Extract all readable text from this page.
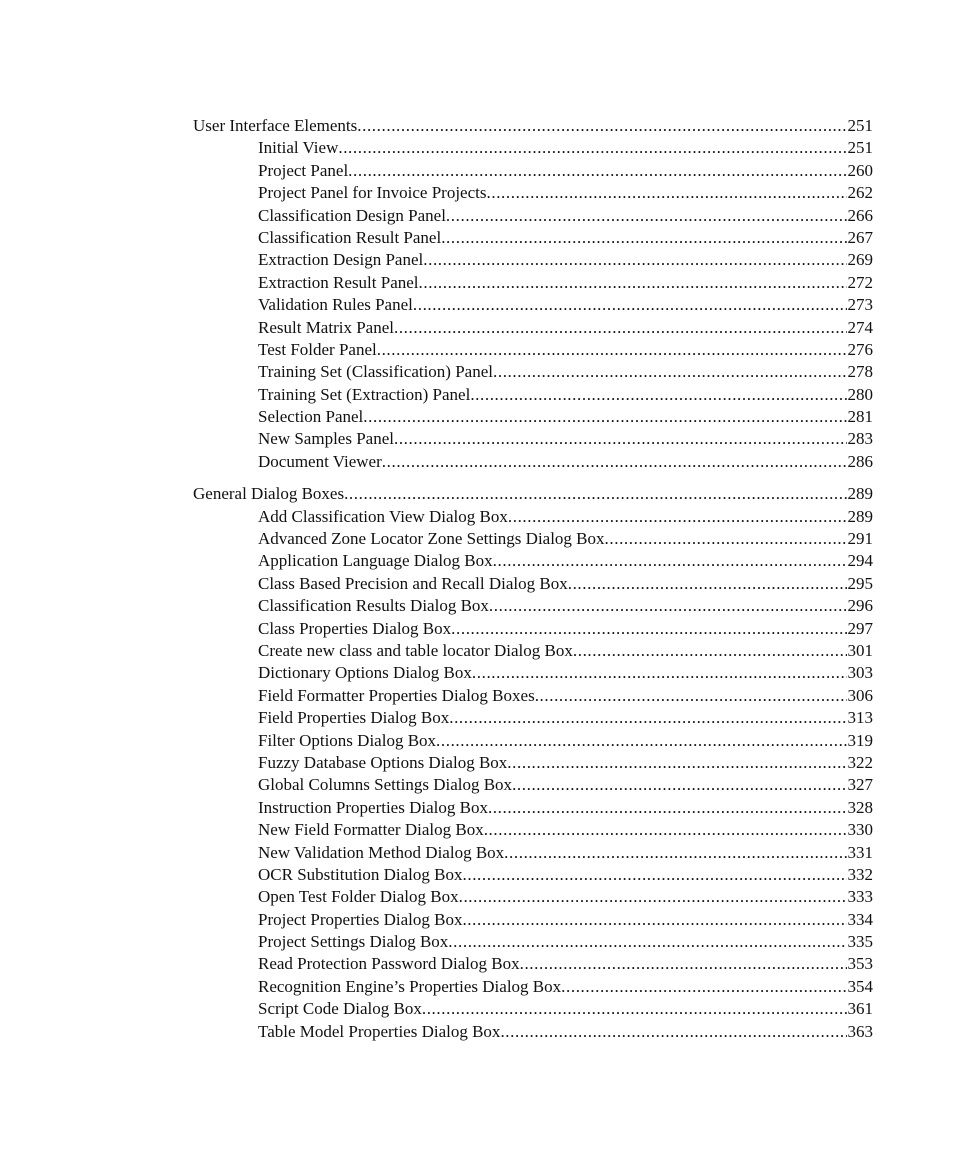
User Interface Elements .....	251
Initial View .....	251
Project Panel .....	260
Project Panel for Invoice Projects .....	262
Classification Design Panel .....	266
Classification Result Panel .....	267
Extraction Design Panel .....	269
Extraction Result Panel .....	272
Validation Rules Panel .....	273
Result Matrix Panel .....	274
Test Folder Panel .....	276
Training Set (Classification) Panel .....	278
Training Set (Extraction) Panel .....	280
Selection Panel .....	281
New Samples Panel .....	283
Document Viewer .....	286
General Dialog Boxes .....	289
Add Classification View Dialog Box .....	289
Advanced Zone Locator Zone Settings Dialog Box .....	291
Application Language Dialog Box .....	294
Class Based Precision and Recall Dialog Box .....	295
Classification Results Dialog Box .....	296
Class Properties Dialog Box .....	297
Create new class and table locator Dialog Box .....	301
Dictionary Options Dialog Box .....	303
Field Formatter Properties Dialog Boxes .....	306
Field Properties Dialog Box .....	313
Filter Options Dialog Box .....	319
Fuzzy Database Options Dialog Box .....	322
Global Columns Settings Dialog Box .....	327
Instruction Properties Dialog Box .....	328
New Field Formatter Dialog Box .....	330
New Validation Method Dialog Box .....	331
OCR Substitution Dialog Box .....	332
Open Test Folder Dialog Box .....	333
Project Properties Dialog Box .....	334
Project Settings Dialog Box .....	335
Read Protection Password Dialog Box .....	353
Recognition Engine’s Properties Dialog Box .....	354
Script Code Dialog Box .....	361
Table Model Properties Dialog Box .....	363
